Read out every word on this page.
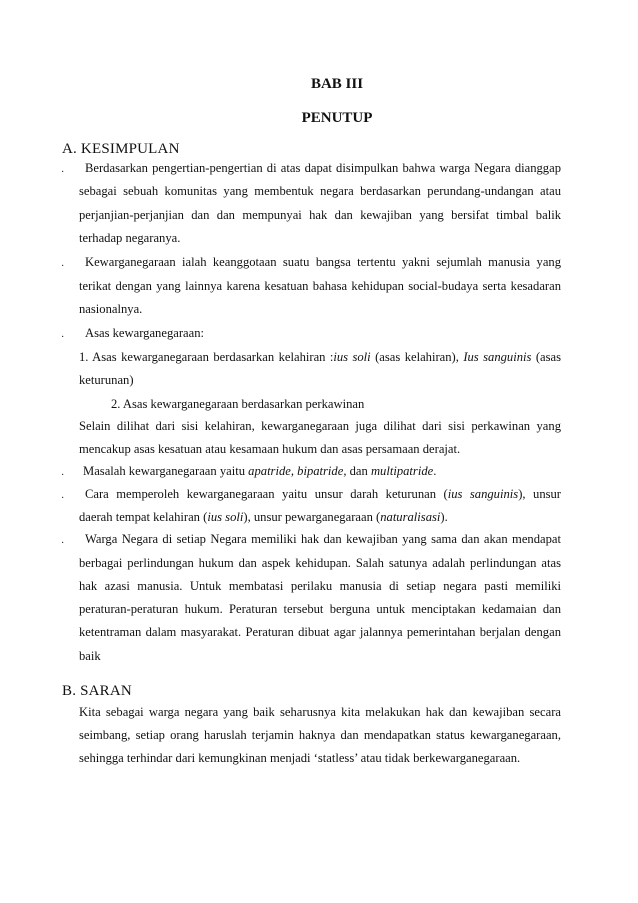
BAB III
PENUTUP
A. KESIMPULAN
· Berdasarkan pengertian-pengertian di atas dapat disimpulkan bahwa warga Negara dianggap
sebagai sebuah komunitas yang membentuk negara berdasarkan perundang-undangan atau
perjanjian-perjanjian dan dan mempunyai hak dan kewajiban yang bersifat timbal balik
terhadap negaranya.
· Kewarganegaraan ialah keanggotaan suatu bangsa tertentu yakni sejumlah manusia yang
terikat dengan yang lainnya karena kesatuan bahasa kehidupan social-budaya serta kesadaran
nasionalnya.
· Asas kewarganegaraan:
1. Asas kewarganegaraan berdasarkan kelahiran :ius soli (asas kelahiran), Ius sanguinis (asas
keturunan)
2. Asas kewarganegaraan berdasarkan perkawinan
Selain dilihat dari sisi kelahiran, kewarganegaraan juga dilihat dari sisi perkawinan yang
mencakup asas kesatuan atau kesamaan hukum dan asas persamaan derajat.
· Masalah kewarganegaraan yaitu apatride, bipatride, dan multipatride.
· Cara memperoleh kewarganegaraan yaitu unsur darah keturunan (ius sanguinis), unsur
daerah tempat kelahiran (ius soli), unsur pewarganegaraan (naturalisasi).
· Warga Negara di setiap Negara memiliki hak dan kewajiban yang sama dan akan mendapat
berbagai perlindungan hukum dan aspek kehidupan. Salah satunya adalah perlindungan atas
hak azasi manusia. Untuk membatasi perilaku manusia di setiap negara pasti memiliki
peraturan-peraturan hukum. Peraturan tersebut berguna untuk menciptakan kedamaian dan
ketentraman dalam masyarakat. Peraturan dibuat agar jalannya pemerintahan berjalan dengan
baik
B. SARAN
Kita sebagai warga negara yang baik seharusnya kita melakukan hak dan kewajiban secara
seimbang, setiap orang haruslah terjamin haknya dan mendapatkan status kewarganegaraan,
sehingga terhindar dari kemungkinan menjadi ‘statless’ atau tidak berkewarganegaraan.
